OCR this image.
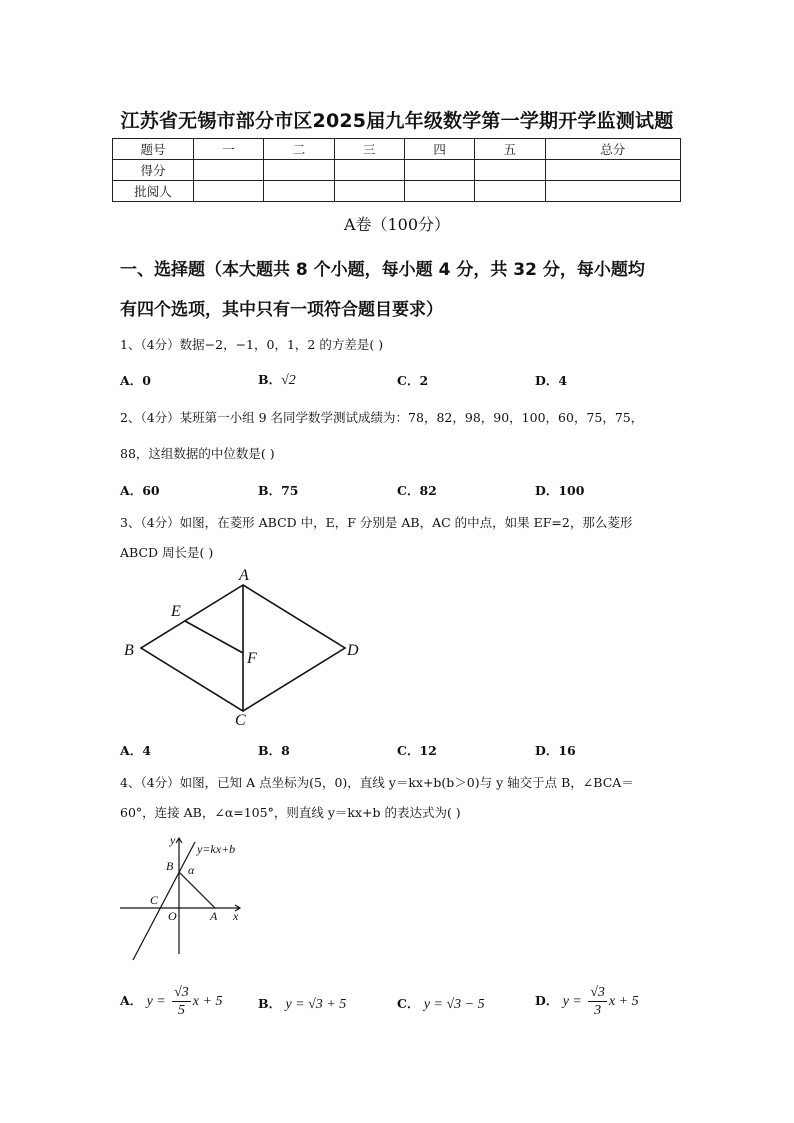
江苏省无锡市部分市区2025届九年级数学第一学期开学监测试题
题号	一	二	三	四	五	总分
得分						
批阅人						
A卷（100分）
一、选择题（本大题共 8 个小题，每小题 4 分，共 32 分，每小题均
有四个选项，其中只有一项符合题目要求）
1、（4分）数据−2，−1，0，1，2 的方差是( )
A．0	B．√2	C．2	D．4
2、（4分）某班第一小组 9 名同学数学测试成绩为：78，82，98，90，100，60，75，75，
88，这组数据的中位数是( )
A．60	B．75	C．82	D．100
3、（4分）如图，在菱形 ABCD 中，E，F 分别是 AB，AC 的中点，如果 EF=2，那么菱形
ABCD 周长是( )
A
B
C
D
E
F
A．4	B．8	C．12	D．16
4、（4分）如图，已知 A 点坐标为(5，0)，直线 y＝kx+b(b＞0)与 y 轴交于点 B，∠BCA＝
60°，连接 AB，∠α=105°，则直线 y＝kx+b 的表达式为( )
y
y=kx+b
B α
C
O	A x
A． $y = \frac{√3}{5}$ x + 5	B． y = √3 + 5	C． y = √3 − 5	D． $y = \frac{√3}{3}$ x + 5
